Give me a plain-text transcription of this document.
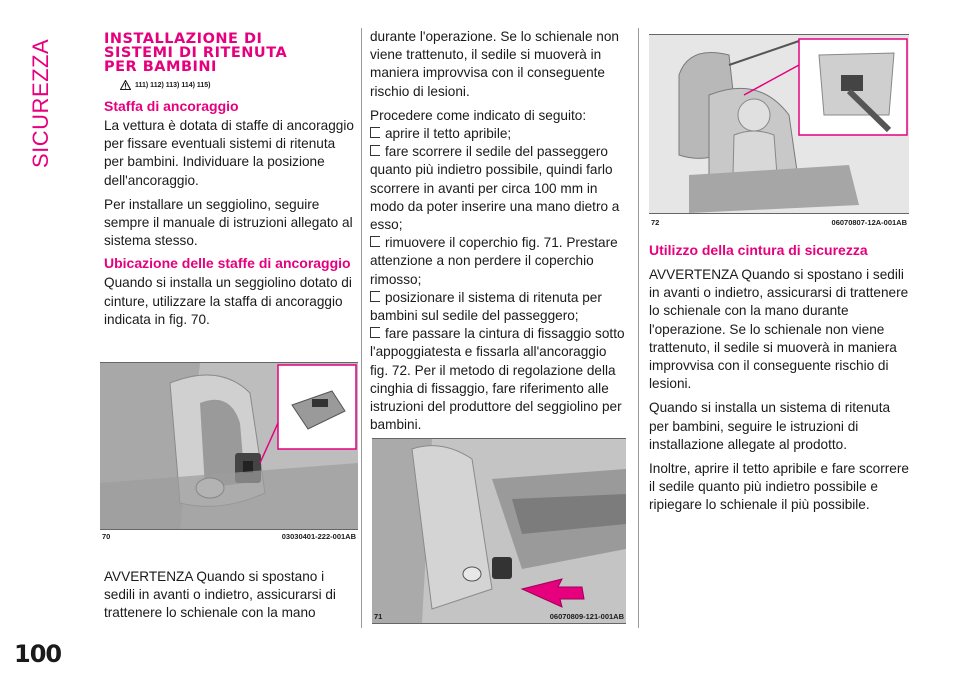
SICUREZZA
100
INSTALLAZIONE DI
SISTEMI DI RITENUTA
PER BAMBINI
111) 112) 113) 114) 115)
Staffa di ancoraggio

La vettura è dotata di staffe di ancoraggio per fissare eventuali sistemi di ritenuta per bambini. Individuare la posizione dell'ancoraggio.

Per installare un seggiolino, seguire sempre il manuale di istruzioni allegato al sistema stesso.

Ubicazione delle staffe di ancoraggio

Quando si installa un seggiolino dotato di cinture, utilizzare la staffa di ancoraggio indicata in fig. 70.

70	03030401-222-001AB

AVVERTENZA Quando si spostano i sedili in avanti o indietro, assicurarsi di trattenere lo schienale con la mano

durante l'operazione. Se lo schienale non viene trattenuto, il sedile si muoverà in maniera improvvisa con il conseguente rischio di lesioni.

Procedere come indicato di seguito:

aprire il tetto apribile;

fare scorrere il sedile del passeggero quanto più indietro possibile, quindi farlo scorrere in avanti per circa 100 mm in modo da poter inserire una mano dietro a esso;

rimuovere il coperchio fig. 71. Prestare attenzione a non perdere il coperchio rimosso;

posizionare il sistema di ritenuta per bambini sul sedile del passeggero;

fare passare la cintura di fissaggio sotto l'appoggiatesta e fissarla all'ancoraggio fig. 72. Per il metodo di regolazione della cinghia di fissaggio, fare riferimento alle istruzioni del produttore del seggiolino per bambini.

71	06070809-121-001AB
72	06070807-12A-001AB
Utilizzo della cintura di sicurezza

AVVERTENZA Quando si spostano i sedili in avanti o indietro, assicurarsi di trattenere lo schienale con la mano durante l'operazione. Se lo schienale non viene trattenuto, il sedile si muoverà in maniera improvvisa con il conseguente rischio di lesioni.

Quando si installa un sistema di ritenuta per bambini, seguire le istruzioni di installazione allegate al prodotto.

Inoltre, aprire il tetto apribile e fare scorrere il sedile quanto più indietro possibile e ripiegare lo schienale il più possibile.
